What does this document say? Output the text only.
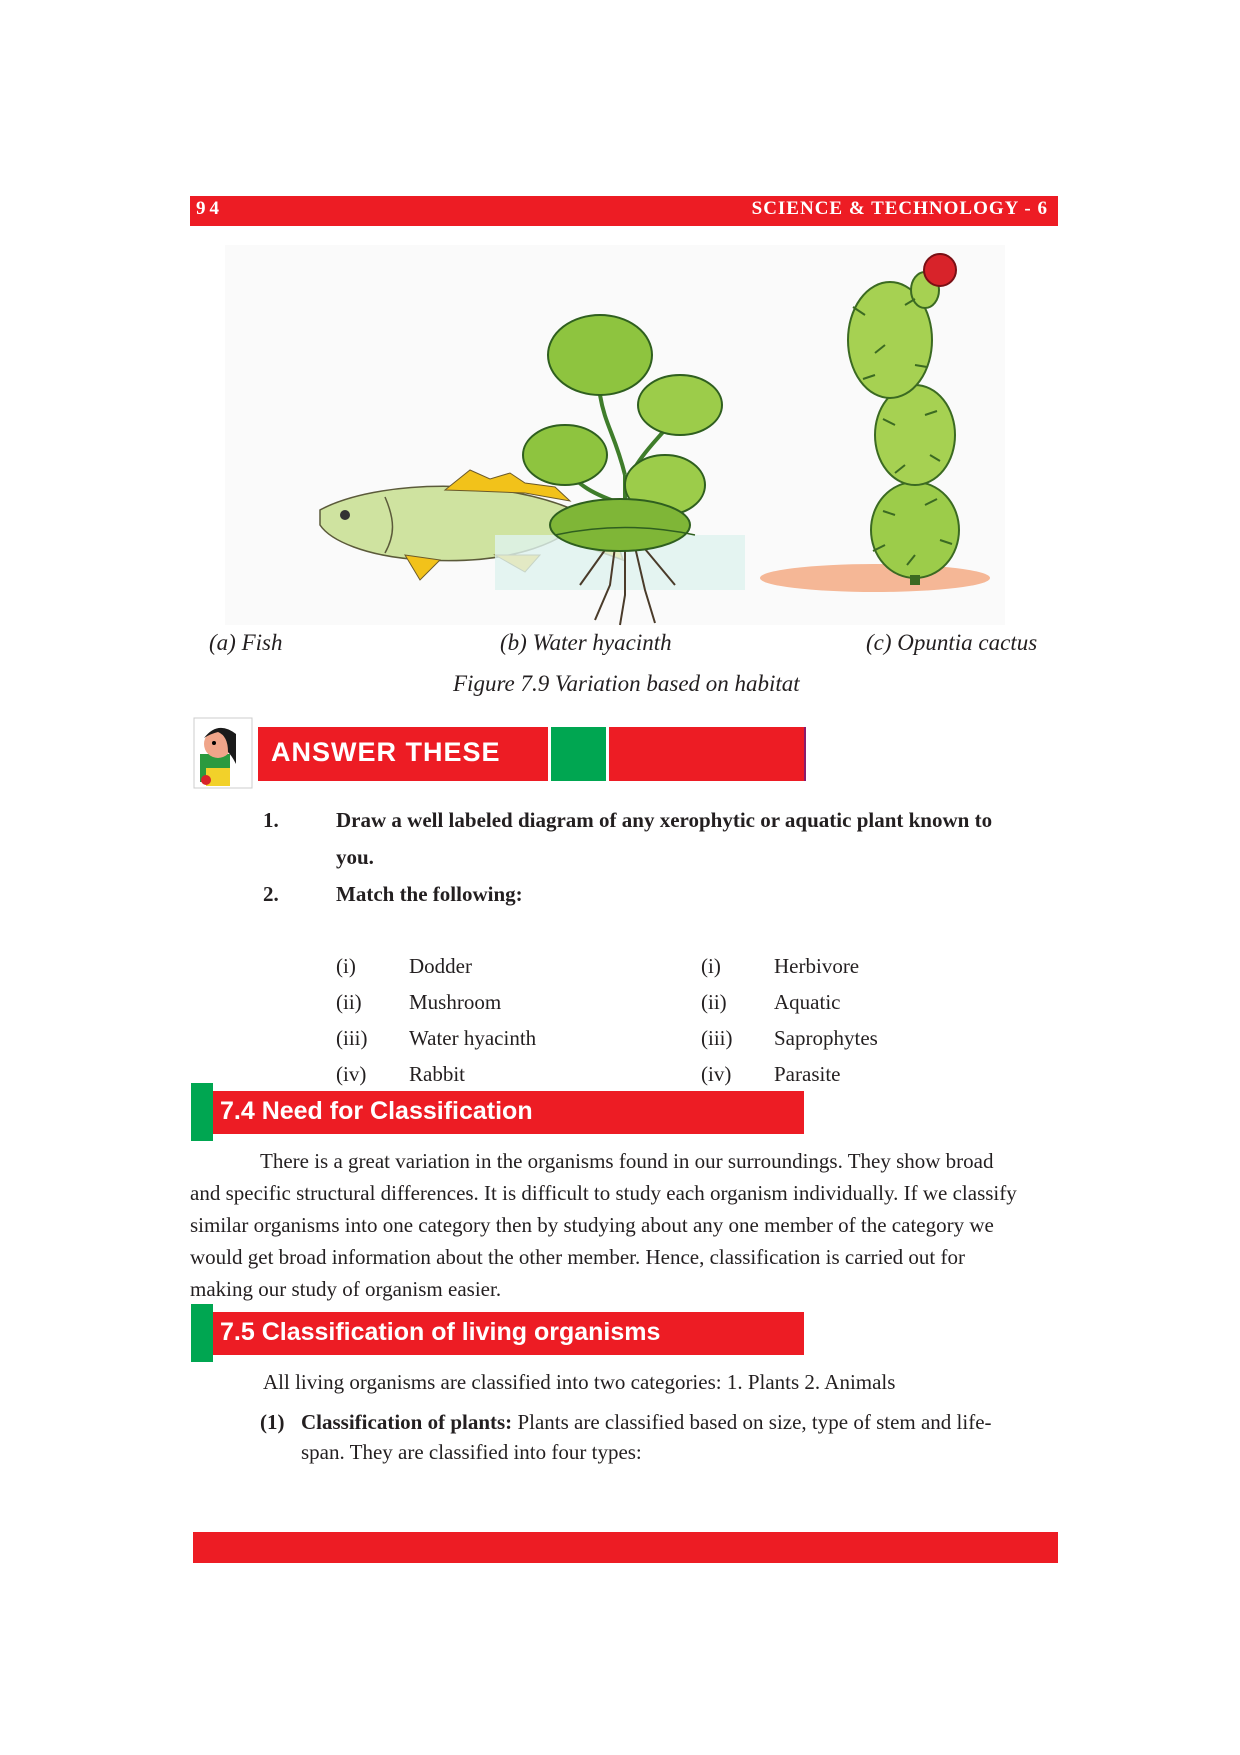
94	SCIENCE & TECHNOLOGY - 6
(a) Fish	(b) Water hyacinth	(c) Opuntia cactus
Figure 7.9 Variation based on habitat
ANSWER THESE
1.	Draw a well labeled diagram of any xerophytic or aquatic plant known to
you.
2.	Match the following:
(i)	Dodder	(i)	Herbivore
(ii) Mushroom	(ii) Aquatic
(iii) Water hyacinth	(iii) Saprophytes
(iv) Rabbit	(iv) Parasite
7.4 Need for Classification
There is a great variation in the organisms found in our surroundings. They show broad
and specific structural differences. It is difficult to study each organism individually. If we classify
similar organisms into one category then by studying about any one member of the category we
would get broad information about the other member. Hence, classification is carried out for
making our study of organism easier.
7.5 Classification of living organisms
All living organisms are classified into two categories: 1. Plants 2. Animals
(1) Classification of plants: Plants are classified based on size, type of stem and life-
span. They are classified into four types:
